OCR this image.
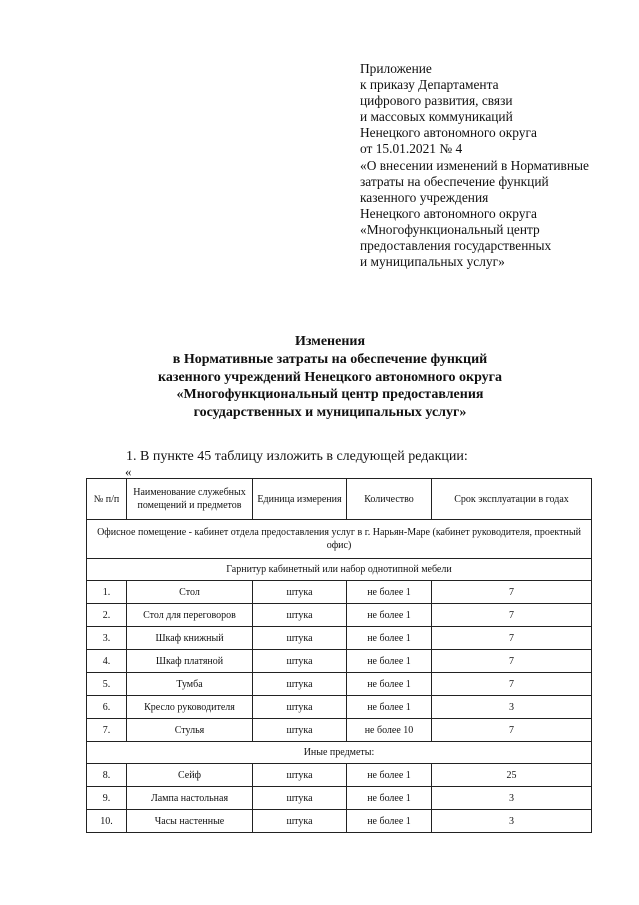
Приложение
к приказу Департамента
цифрового развития, связи
и массовых коммуникаций
Ненецкого автономного округа
от 15.01.2021 № 4
«О внесении изменений в Нормативные
затраты на обеспечение функций
казенного учреждения
Ненецкого автономного округа
«Многофункциональный центр
предоставления государственных
и муниципальных услуг»
Изменения
в Нормативные затраты на обеспечение функций
казенного учреждений Ненецкого автономного округа
«Многофункциональный центр предоставления
государственных и муниципальных услуг»
1. В пункте 45 таблицу изложить в следующей редакции:
«
№ п/п	Наименование служебных помещений и предметов	Единица измерения	Количество	Срок эксплуатации в годах
Офисное помещение - кабинет отдела предоставления услуг в г. Нарьян-Маре (кабинет руководителя, проектный офис)				
Гарнитур кабинетный или набор однотипной мебели				
1.	Стол	штука	не более 1	7
2.	Стол для переговоров	штука	не более 1	7
3.	Шкаф книжный	штука	не более 1	7
4.	Шкаф платяной	штука	не более 1	7
5.	Тумба	штука	не более 1	7
6.	Кресло руководителя	штука	не более 1	3
7.	Стулья	штука	не более 10	7
Иные предметы:				
8.	Сейф	штука	не более 1	25
9.	Лампа настольная	штука	не более 1	3
10.	Часы настенные	штука	не более 1	3
